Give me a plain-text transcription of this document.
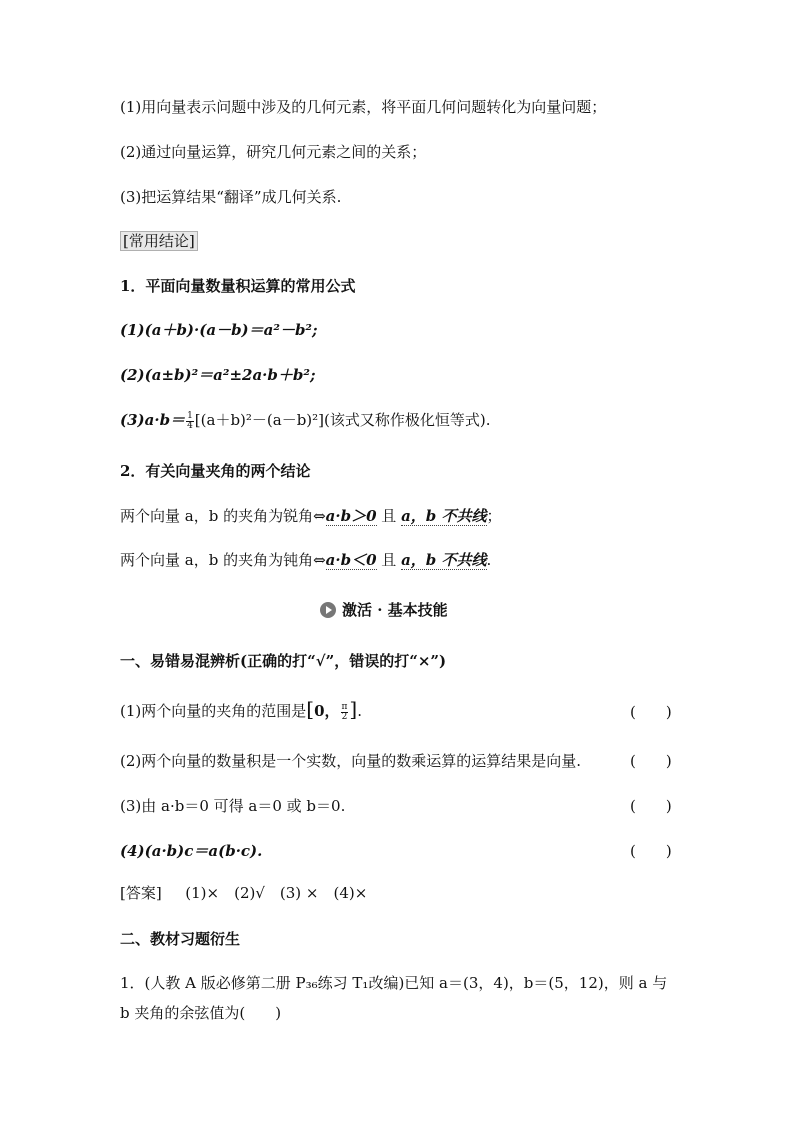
(1)用向量表示问题中涉及的几何元素，将平面几何问题转化为向量问题；
(2)通过向量运算，研究几何元素之间的关系；
(3)把运算结果“翻译”成几何关系.
[常用结论]
1．平面向量数量积运算的常用公式
(1)(a＋b)·(a－b)＝a²－b²;
(2)(a±b)²＝a²±2a·b＋b²;
$(3)a\cdot b= \frac{1}{4} [(a+b)^2-(a-b)^2]$(该式又称作极化恒等式).
2．有关向量夹角的两个结论
两个向量 a，b 的夹角为锐角⇔a·b＞0 且 a，b 不共线；
两个向量 a，b 的夹角为钝角⇔a·b＜0 且 a，b 不共线.
激活 · 基本技能
一、易错易混辨析(正确的打“√”，错误的打“×”)
(1)两个向量的夹角的范围是[0， $\frac{\pi}{2}$ ].	(　　)
(2)两个向量的数量积是一个实数，向量的数乘运算的运算结果是向量.	(　　)
(3)由 a·b＝0 可得 a＝0 或 b＝0.	(　　)
(4)(a·b)c＝a(b·c).	(　　)
[答案] (1)×　(2)√　(3) ×　(4)×
二、教材习题衍生
1．(人教 A 版必修第二册 P₃₆练习 T₁改编)已知 a＝(3，4)，b＝(5，12)，则 a 与
b 夹角的余弦值为(　　)
